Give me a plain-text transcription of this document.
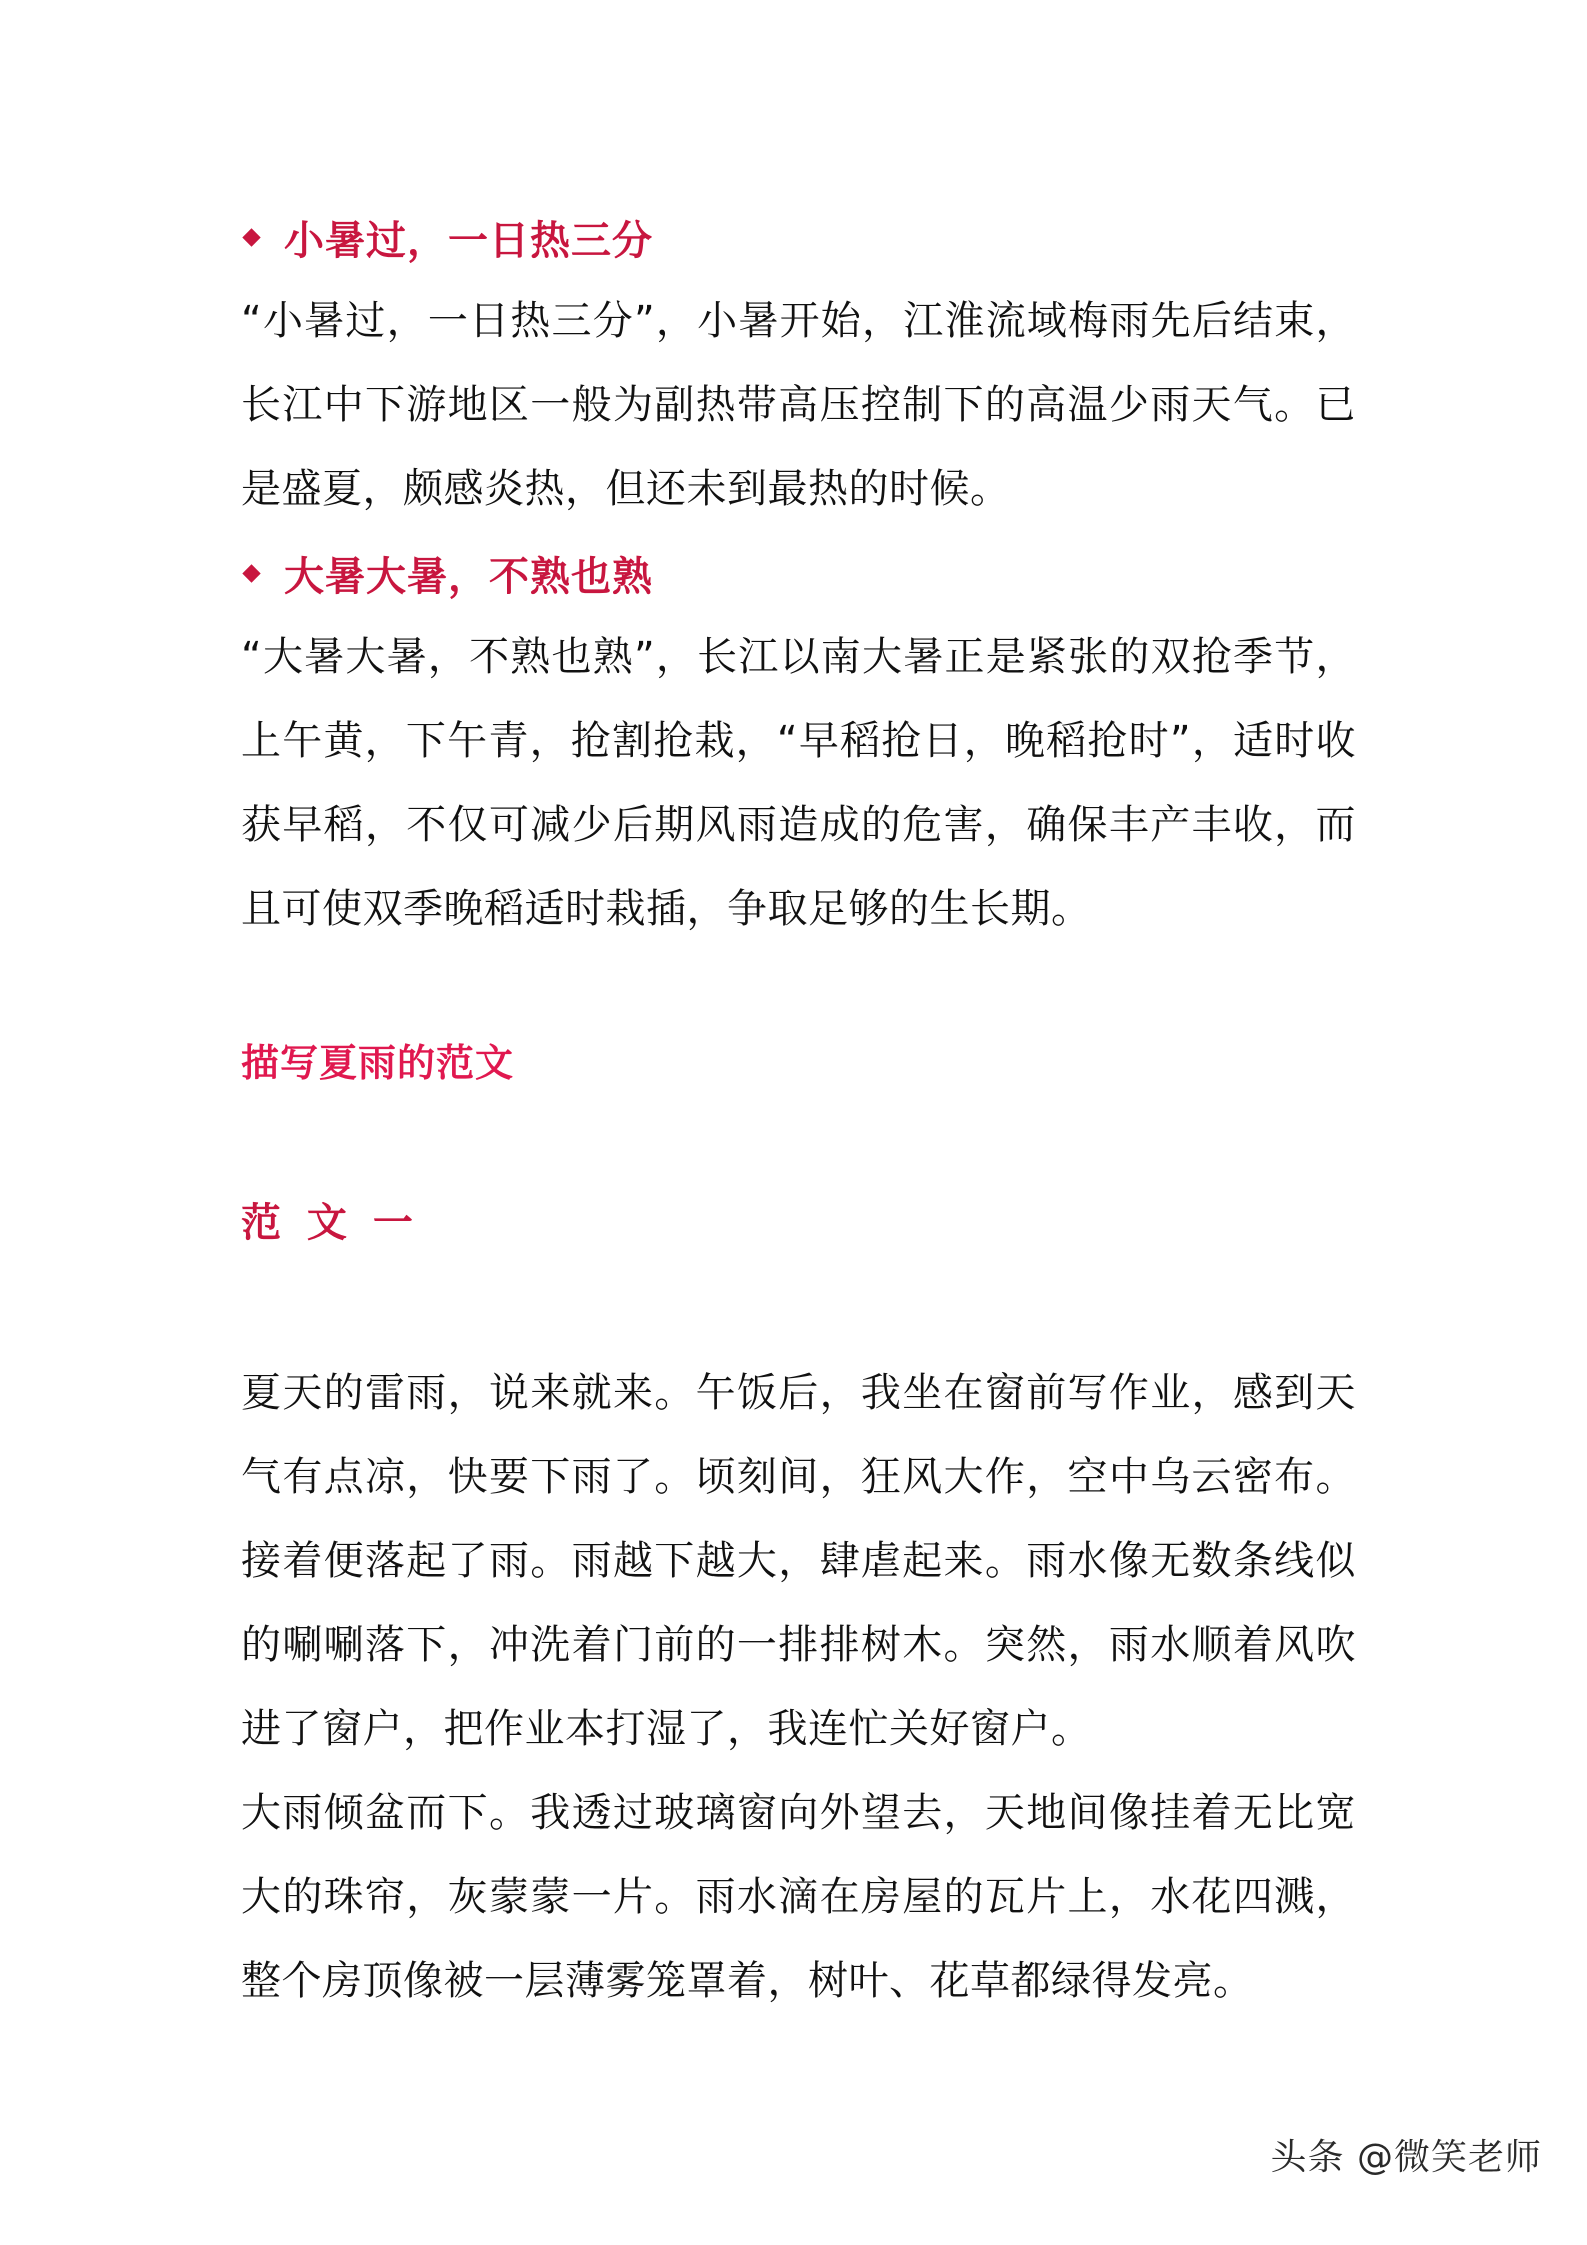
小暑过，一日热三分

“小暑过，一日热三分”，小暑开始，江淮流域梅雨先后结束，长江中下游地区一般为副热带高压控制下的高温少雨天气。已是盛夏，颇感炎热，但还未到最热的时候。

大暑大暑，不熟也熟

“大暑大暑，不熟也熟”，长江以南大暑正是紧张的双抢季节，上午黄，下午青，抢割抢栽，“早稻抢日，晚稻抢时”，适时收获早稻，不仅可减少后期风雨造成的危害，确保丰产丰收，而且可使双季晚稻适时栽插，争取足够的生长期。

描写夏雨的范文
范 文 一

夏天的雷雨，说来就来。午饭后，我坐在窗前写作业，感到天气有点凉，快要下雨了。顷刻间，狂风大作，空中乌云密布。接着便落起了雨。雨越下越大，肆虐起来。雨水像无数条线似的唰唰落下，冲洗着门前的一排排树木。突然，雨水顺着风吹进了窗户，把作业本打湿了，我连忙关好窗户。

大雨倾盆而下。我透过玻璃窗向外望去，天地间像挂着无比宽大的珠帘，灰蒙蒙一片。雨水滴在房屋的瓦片上，水花四溅，整个房顶像被一层薄雾笼罩着，树叶、花草都绿得发亮。

头条 @微笑老师
